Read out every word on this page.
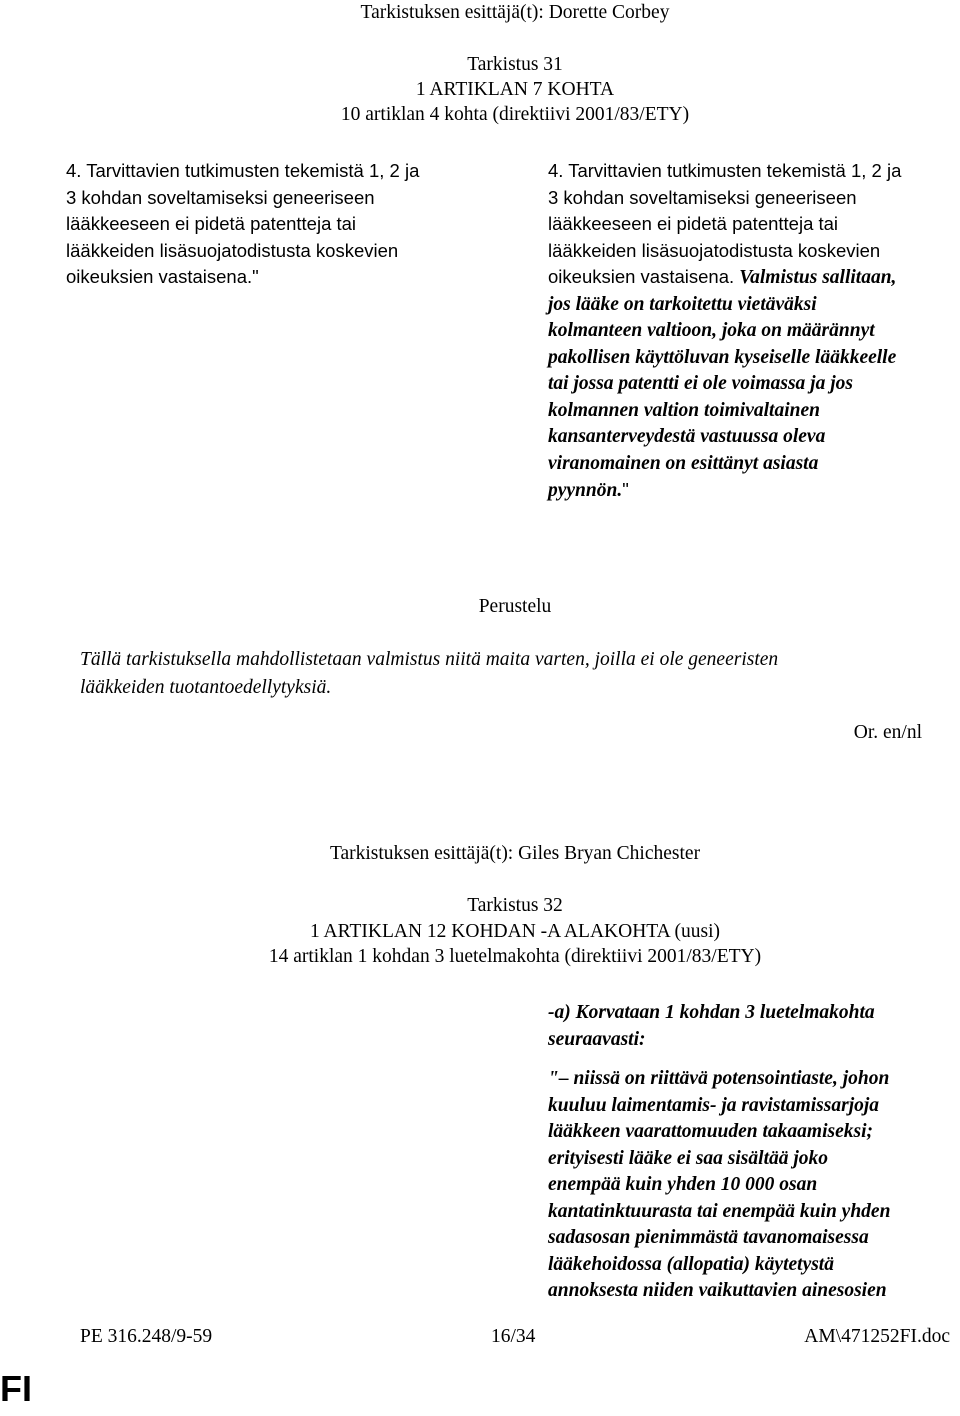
Tarkistuksen esittäjä(t): Dorette Corbey
Tarkistus 31
1 ARTIKLAN 7 KOHTA
10 artiklan 4 kohta (direktiivi 2001/83/ETY)
4. Tarvittavien tutkimusten tekemistä 1, 2 ja
3 kohdan soveltamiseksi geneeriseen
lääkkeeseen ei pidetä patentteja tai
lääkkeiden lisäsuojatodistusta koskevien
oikeuksien vastaisena."
4. Tarvittavien tutkimusten tekemistä 1, 2 ja
3 kohdan soveltamiseksi geneeriseen
lääkkeeseen ei pidetä patentteja tai
lääkkeiden lisäsuojatodistusta koskevien
oikeuksien vastaisena. Valmistus sallitaan,
jos lääke on tarkoitettu vietäväksi
kolmanteen valtioon, joka on määrännyt
pakollisen käyttöluvan kyseiselle lääkkeelle
tai jossa patentti ei ole voimassa ja jos
kolmannen valtion toimivaltainen
kansanterveydestä vastuussa oleva
viranomainen on esittänyt asiasta
pyynnön."
Perustelu
Tällä tarkistuksella mahdollistetaan valmistus niitä maita varten, joilla ei ole geneeristen
lääkkeiden tuotantoedellytyksiä.
Or. en/nl
Tarkistuksen esittäjä(t): Giles Bryan Chichester
Tarkistus 32
1 ARTIKLAN 12 KOHDAN -A ALAKOHTA (uusi)
14 artiklan 1 kohdan 3 luetelmakohta (direktiivi 2001/83/ETY)
-a) Korvataan 1 kohdan 3 luetelmakohta
seuraavasti:
"– niissä on riittävä potensointiaste, johon
kuuluu laimentamis- ja ravistamissarjoja
lääkkeen vaarattomuuden takaamiseksi;
erityisesti lääke ei saa sisältää joko
enempää kuin yhden 10 000 osan
kantatinktuurasta tai enempää kuin yhden
sadasosan pienimmästä tavanomaisessa
lääkehoidossa (allopatia) käytetystä
annoksesta niiden vaikuttavien ainesosien
PE 316.248/9-59	16/34	AM\471252FI.doc
FI
